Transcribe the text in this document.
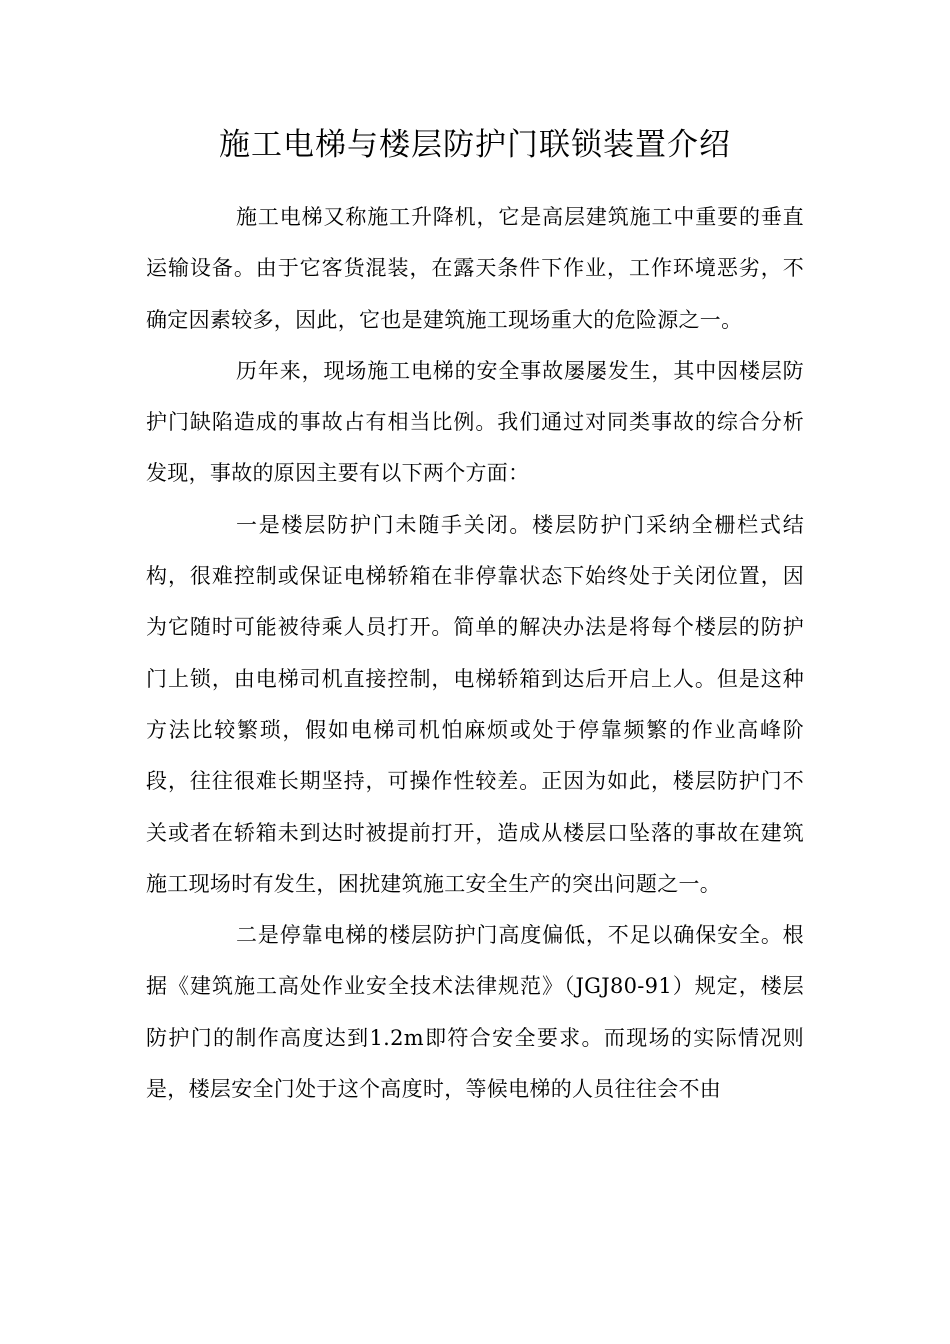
施工电梯与楼层防护门联锁装置介绍

施工电梯又称施工升降机，它是高层建筑施工中重要的垂直运输设备。由于它客货混装，在露天条件下作业，工作环境恶劣，不确定因素较多，因此，它也是建筑施工现场重大的危险源之一。

历年来，现场施工电梯的安全事故屡屡发生，其中因楼层防护门缺陷造成的事故占有相当比例。我们通过对同类事故的综合分析发现，事故的原因主要有以下两个方面：

一是楼层防护门未随手关闭。楼层防护门采纳全栅栏式结构，很难控制或保证电梯轿箱在非停靠状态下始终处于关闭位置，因为它随时可能被待乘人员打开。简单的解决办法是将每个楼层的防护门上锁，由电梯司机直接控制，电梯轿箱到达后开启上人。但是这种方法比较繁琐，假如电梯司机怕麻烦或处于停靠频繁的作业高峰阶段，往往很难长期坚持，可操作性较差。正因为如此，楼层防护门不关或者在轿箱未到达时被提前打开，造成从楼层口坠落的事故在建筑施工现场时有发生，困扰建筑施工安全生产的突出问题之一。

二是停靠电梯的楼层防护门高度偏低，不足以确保安全。根据《建筑施工高处作业安全技术法律规范》（JGJ80-91）规定，楼层防护门的制作高度达到1.2m即符合安全要求。而现场的实际情况则是，楼层安全门处于这个高度时，等候电梯的人员往往会不由
